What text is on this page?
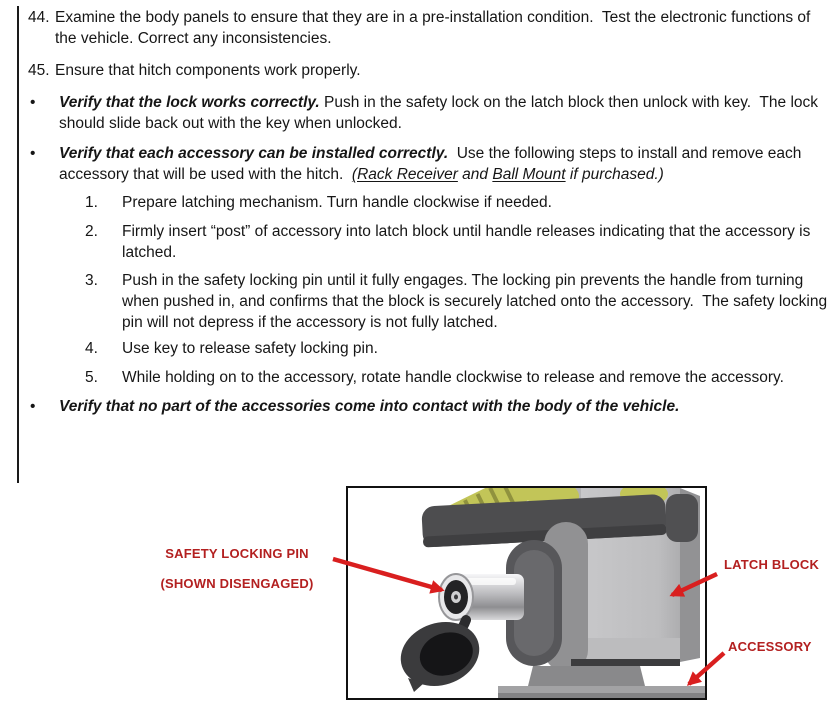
44. Examine the body panels to ensure that they are in a pre-installation condition.  Test the electronic functions of the vehicle. Correct any inconsistencies.
45. Ensure that hitch components work properly.
•	Verify that the lock works correctly. Push in the safety lock on the latch block then unlock with key.  The lock should slide back out with the key when unlocked.
•	Verify that each accessory can be installed correctly.  Use the following steps to install and remove each accessory that will be used with the hitch.  (Rack Receiver and Ball Mount if purchased.)
1.	Prepare latching mechanism. Turn handle clockwise if needed.
2.	Firmly insert “post” of accessory into latch block until handle releases indicating that the accessory is latched.
3.	Push in the safety locking pin until it fully engages. The locking pin prevents the handle from turning when pushed in, and confirms that the block is securely latched onto the accessory.  The safety locking pin will not depress if the accessory is not fully latched.
4.	Use key to release safety locking pin.
5.	While holding on to the accessory, rotate handle clockwise to release and remove the accessory.
•	Verify that no part of the accessories come into contact with the body of the vehicle.
SAFETY LOCKING PIN
(SHOWN DISENGAGED)
LATCH BLOCK
ACCESSORY
